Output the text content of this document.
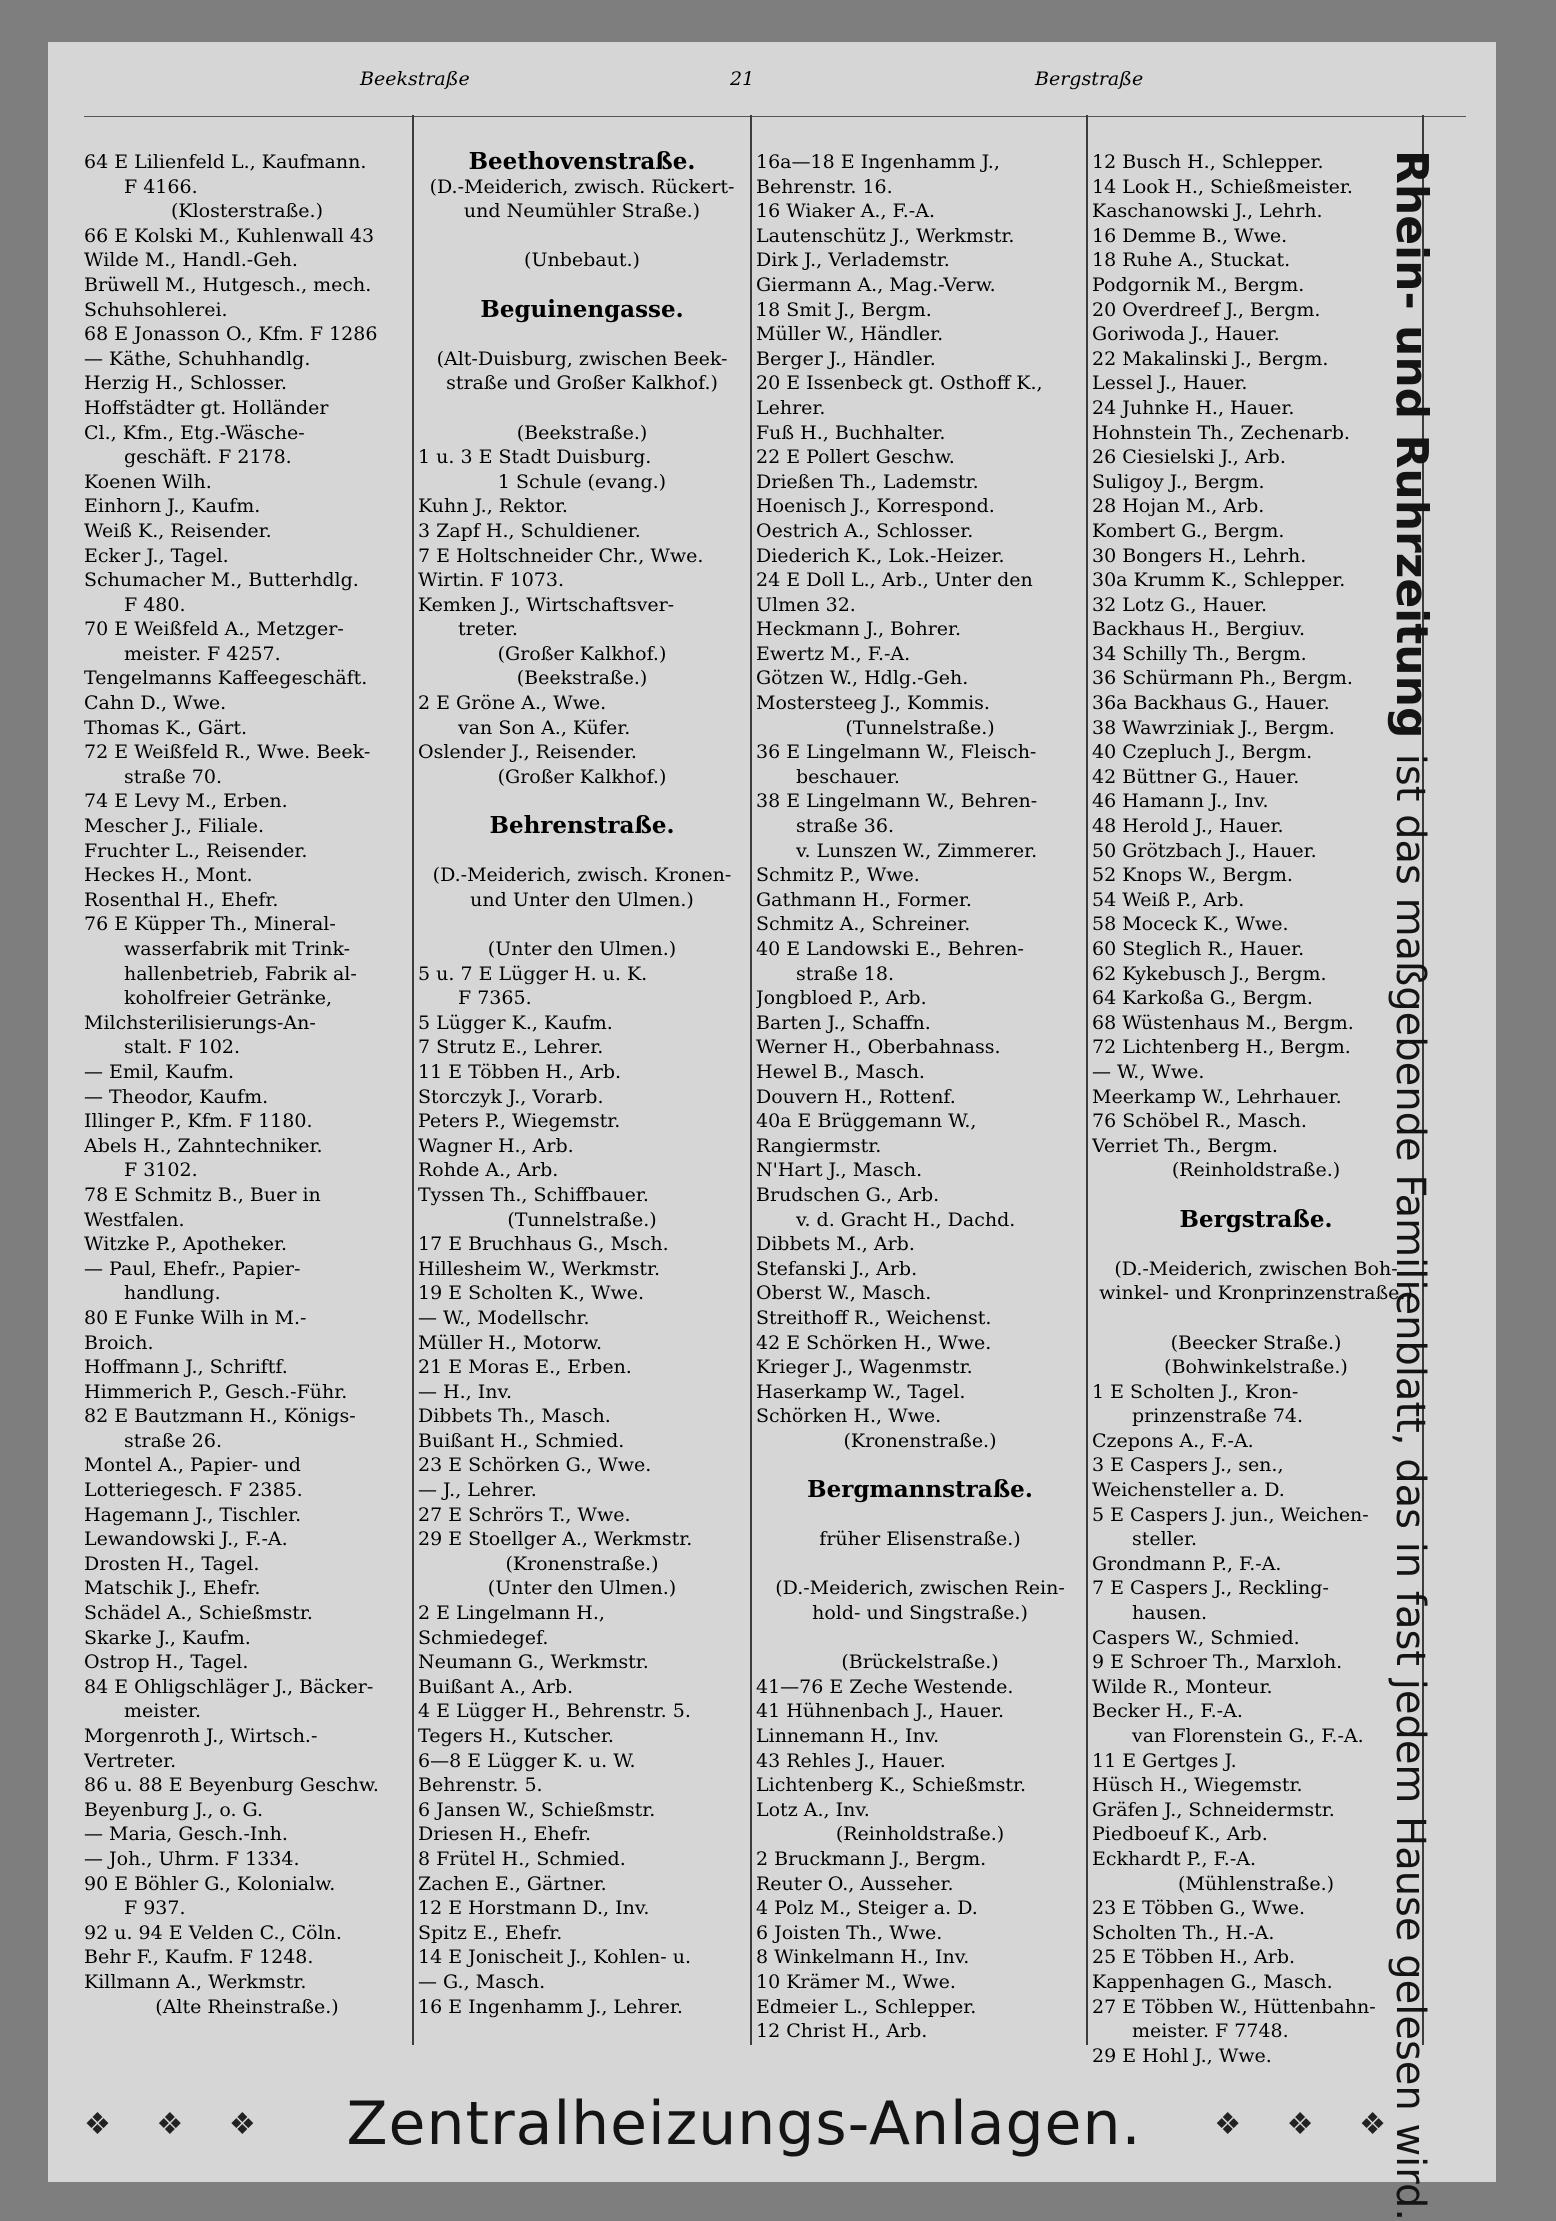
Beekstraße	21	Bergstraße
64 E Lilienfeld L., Kaufmann.
F 4166.
(Klosterstraße.)
66 E Kolski M., Kuhlenwall 43
Wilde M., Handl.-Geh.
Brüwell M., Hutgesch., mech.
Schuhsohlerei.
68 E Jonasson O., Kfm. F 1286
— Käthe, Schuhhandlg.
Herzig H., Schlosser.
Hoffstädter gt. Holländer
Cl., Kfm., Etg.-Wäsche-
geschäft. F 2178.
Koenen Wilh.
Einhorn J., Kaufm.
Weiß K., Reisender.
Ecker J., Tagel.
Schumacher M., Butterhdlg.
F 480.
70 E Weißfeld A., Metzger-
meister. F 4257.
Tengelmanns Kaffeegeschäft.
Cahn D., Wwe.
Thomas K., Gärt.
72 E Weißfeld R., Wwe. Beek-
straße 70.
74 E Levy M., Erben.
Mescher J., Filiale.
Fruchter L., Reisender.
Heckes H., Mont.
Rosenthal H., Ehefr.
76 E Küpper Th., Mineral-
wasserfabrik mit Trink-
hallenbetrieb, Fabrik al-
koholfreier Getränke,
Milchsterilisierungs-An-
stalt. F 102.
— Emil, Kaufm.
— Theodor, Kaufm.
Illinger P., Kfm. F 1180.
Abels H., Zahntechniker.
F 3102.
78 E Schmitz B., Buer in
Westfalen.
Witzke P., Apotheker.
— Paul, Ehefr., Papier-
handlung.
80 E Funke Wilh in M.-
Broich.
Hoffmann J., Schriftf.
Himmerich P., Gesch.-Führ.
82 E Bautzmann H., Königs-
straße 26.
Montel A., Papier- und
Lotteriegesch. F 2385.
Hagemann J., Tischler.
Lewandowski J., F.-A.
Drosten H., Tagel.
Matschik J., Ehefr.
Schädel A., Schießmstr.
Skarke J., Kaufm.
Ostrop H., Tagel.
84 E Ohligschläger J., Bäcker-
meister.
Morgenroth J., Wirtsch.-
Vertreter.
86 u. 88 E Beyenburg Geschw.
Beyenburg J., o. G.
— Maria, Gesch.-Inh.
— Joh., Uhrm. F 1334.
90 E Böhler G., Kolonialw.
F 937.
92 u. 94 E Velden C., Cöln.
Behr F., Kaufm. F 1248.
Killmann A., Werkmstr.
(Alte Rheinstraße.)
Beethovenstraße.
(D.-Meiderich, zwisch. Rückert-
und Neumühler Straße.)
(Unbebaut.)
Beguinengasse.
(Alt-Duisburg, zwischen Beek-
straße und Großer Kalkhof.)
(Beekstraße.)
1 u. 3 E Stadt Duisburg.
1 Schule (evang.)
Kuhn J., Rektor.
3 Zapf H., Schuldiener.
7 E Holtschneider Chr., Wwe.
Wirtin. F 1073.
Kemken J., Wirtschaftsver-
treter.
(Großer Kalkhof.)
(Beekstraße.)
2 E Gröne A., Wwe.
van Son A., Küfer.
Oslender J., Reisender.
(Großer Kalkhof.)
Behrenstraße.
(D.-Meiderich, zwisch. Kronen-
und Unter den Ulmen.)
(Unter den Ulmen.)
5 u. 7 E Lügger H. u. K.
F 7365.
5 Lügger K., Kaufm.
7 Strutz E., Lehrer.
11 E Többen H., Arb.
Storczyk J., Vorarb.
Peters P., Wiegemstr.
Wagner H., Arb.
Rohde A., Arb.
Tyssen Th., Schiffbauer.
(Tunnelstraße.)
17 E Bruchhaus G., Msch.
Hillesheim W., Werkmstr.
19 E Scholten K., Wwe.
— W., Modellschr.
Müller H., Motorw.
21 E Moras E., Erben.
— H., Inv.
Dibbets Th., Masch.
Buißant H., Schmied.
23 E Schörken G., Wwe.
— J., Lehrer.
27 E Schrörs T., Wwe.
29 E Stoellger A., Werkmstr.
(Kronenstraße.)
(Unter den Ulmen.)
2 E Lingelmann H.,
Schmiedegef.
Neumann G., Werkmstr.
Buißant A., Arb.
4 E Lügger H., Behrenstr. 5.
Tegers H., Kutscher.
6—8 E Lügger K. u. W.
Behrenstr. 5.
6 Jansen W., Schießmstr.
Driesen H., Ehefr.
8 Frütel H., Schmied.
Zachen E., Gärtner.
12 E Horstmann D., Inv.
Spitz E., Ehefr.
14 E Jonischeit J., Kohlen- u.
— G., Masch.
16 E Ingenhamm J., Lehrer.
16a—18 E Ingenhamm J.,
Behrenstr. 16.
16 Wiaker A., F.-A.
Lautenschütz J., Werkmstr.
Dirk J., Verlademstr.
Giermann A., Mag.-Verw.
18 Smit J., Bergm.
Müller W., Händler.
Berger J., Händler.
20 E Issenbeck gt. Osthoff K.,
Lehrer.
Fuß H., Buchhalter.
22 E Pollert Geschw.
Drießen Th., Lademstr.
Hoenisch J., Korrespond.
Oestrich A., Schlosser.
Diederich K., Lok.-Heizer.
24 E Doll L., Arb., Unter den
Ulmen 32.
Heckmann J., Bohrer.
Ewertz M., F.-A.
Götzen W., Hdlg.-Geh.
Mostersteeg J., Kommis.
(Tunnelstraße.)
36 E Lingelmann W., Fleisch-
beschauer.
38 E Lingelmann W., Behren-
straße 36.
v. Lunszen W., Zimmerer.
Schmitz P., Wwe.
Gathmann H., Former.
Schmitz A., Schreiner.
40 E Landowski E., Behren-
straße 18.
Jongbloed P., Arb.
Barten J., Schaffn.
Werner H., Oberbahnass.
Hewel B., Masch.
Douvern H., Rottenf.
40a E Brüggemann W.,
Rangiermstr.
N'Hart J., Masch.
Brudschen G., Arb.
v. d. Gracht H., Dachd.
Dibbets M., Arb.
Stefanski J., Arb.
Oberst W., Masch.
Streithoff R., Weichenst.
42 E Schörken H., Wwe.
Krieger J., Wagenmstr.
Haserkamp W., Tagel.
Schörken H., Wwe.
(Kronenstraße.)
Bergmannstraße.
früher Elisenstraße.)
(D.-Meiderich, zwischen Rein-
hold- und Singstraße.)
(Brückelstraße.)
41—76 E Zeche Westende.
41 Hühnenbach J., Hauer.
Linnemann H., Inv.
43 Rehles J., Hauer.
Lichtenberg K., Schießmstr.
Lotz A., Inv.
(Reinholdstraße.)
2 Bruckmann J., Bergm.
Reuter O., Ausseher.
4 Polz M., Steiger a. D.
6 Joisten Th., Wwe.
8 Winkelmann H., Inv.
10 Krämer M., Wwe.
Edmeier L., Schlepper.
12 Christ H., Arb.
12 Busch H., Schlepper.
14 Look H., Schießmeister.
Kaschanowski J., Lehrh.
16 Demme B., Wwe.
18 Ruhe A., Stuckat.
Podgornik M., Bergm.
20 Overdreef J., Bergm.
Goriwoda J., Hauer.
22 Makalinski J., Bergm.
Lessel J., Hauer.
24 Juhnke H., Hauer.
Hohnstein Th., Zechenarb.
26 Ciesielski J., Arb.
Suligoy J., Bergm.
28 Hojan M., Arb.
Kombert G., Bergm.
30 Bongers H., Lehrh.
30a Krumm K., Schlepper.
32 Lotz G., Hauer.
Backhaus H., Bergiuv.
34 Schilly Th., Bergm.
36 Schürmann Ph., Bergm.
36a Backhaus G., Hauer.
38 Wawrziniak J., Bergm.
40 Czepluch J., Bergm.
42 Büttner G., Hauer.
46 Hamann J., Inv.
48 Herold J., Hauer.
50 Grötzbach J., Hauer.
52 Knops W., Bergm.
54 Weiß P., Arb.
58 Moceck K., Wwe.
60 Steglich R., Hauer.
62 Kykebusch J., Bergm.
64 Karkoßa G., Bergm.
68 Wüstenhaus M., Bergm.
72 Lichtenberg H., Bergm.
— W., Wwe.
Meerkamp W., Lehrhauer.
76 Schöbel R., Masch.
Verriet Th., Bergm.
(Reinholdstraße.)
Bergstraße.
(D.-Meiderich, zwischen Boh-
winkel- und Kronprinzenstraße.)
(Beecker Straße.)
(Bohwinkelstraße.)
1 E Scholten J., Kron-
prinzenstraße 74.
Czepons A., F.-A.
3 E Caspers J., sen.,
Weichensteller a. D.
5 E Caspers J. jun., Weichen-
steller.
Grondmann P., F.-A.
7 E Caspers J., Reckling-
hausen.
Caspers W., Schmied.
9 E Schroer Th., Marxloh.
Wilde R., Monteur.
Becker H., F.-A.
van Florenstein G., F.-A.
11 E Gertges J.
Hüsch H., Wiegemstr.
Gräfen J., Schneidermstr.
Piedboeuf K., Arb.
Eckhardt P., F.-A.
(Mühlenstraße.)
23 E Többen G., Wwe.
Scholten Th., H.-A.
25 E Többen H., Arb.
Kappenhagen G., Masch.
27 E Többen W., Hüttenbahn-
meister. F 7748.
29 E Hohl J., Wwe.
Rhein- und Ruhrzeitung ist das maßgebende Familienblatt, das in fast jedem Hause gelesen wird.
❖ ❖ ❖ Zentralheizungs-Anlagen. ❖ ❖ ❖
